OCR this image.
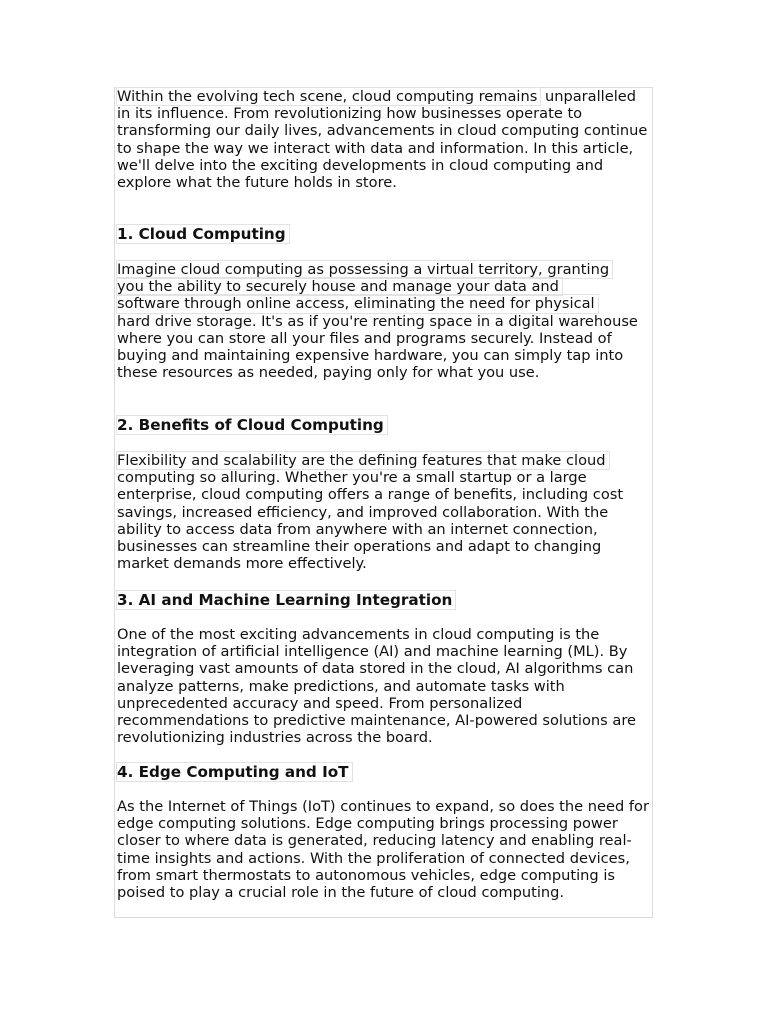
Within the evolving tech scene, cloud computing remains unparalleled in its influence. From revolutionizing how businesses operate to transforming our daily lives, advancements in cloud computing continue to shape the way we interact with data and information. In this article, we'll delve into the exciting developments in cloud computing and explore what the future holds in store.

1. Cloud Computing

Imagine cloud computing as possessing a virtual territory, granting
you the ability to securely house and manage your data and
software through online access, eliminating the need for physical
hard drive storage. It's as if you're renting space in a digital warehouse where you can store all your files and programs securely. Instead of buying and maintaining expensive hardware, you can simply tap into these resources as needed, paying only for what you use.

2. Benefits of Cloud Computing

Flexibility and scalability are the defining features that make cloud
computing so alluring. Whether you're a small startup or a large enterprise, cloud computing offers a range of benefits, including cost savings, increased efficiency, and improved collaboration. With the ability to access data from anywhere with an internet connection, businesses can streamline their operations and adapt to changing market demands more effectively.

3. AI and Machine Learning Integration

One of the most exciting advancements in cloud computing is the integration of artificial intelligence (AI) and machine learning (ML). By leveraging vast amounts of data stored in the cloud, AI algorithms can analyze patterns, make predictions, and automate tasks with unprecedented accuracy and speed. From personalized recommendations to predictive maintenance, AI-powered solutions are revolutionizing industries across the board.

4. Edge Computing and IoT

As the Internet of Things (IoT) continues to expand, so does the need for edge computing solutions. Edge computing brings processing power closer to where data is generated, reducing latency and enabling real-time insights and actions. With the proliferation of connected devices, from smart thermostats to autonomous vehicles, edge computing is poised to play a crucial role in the future of cloud computing.
